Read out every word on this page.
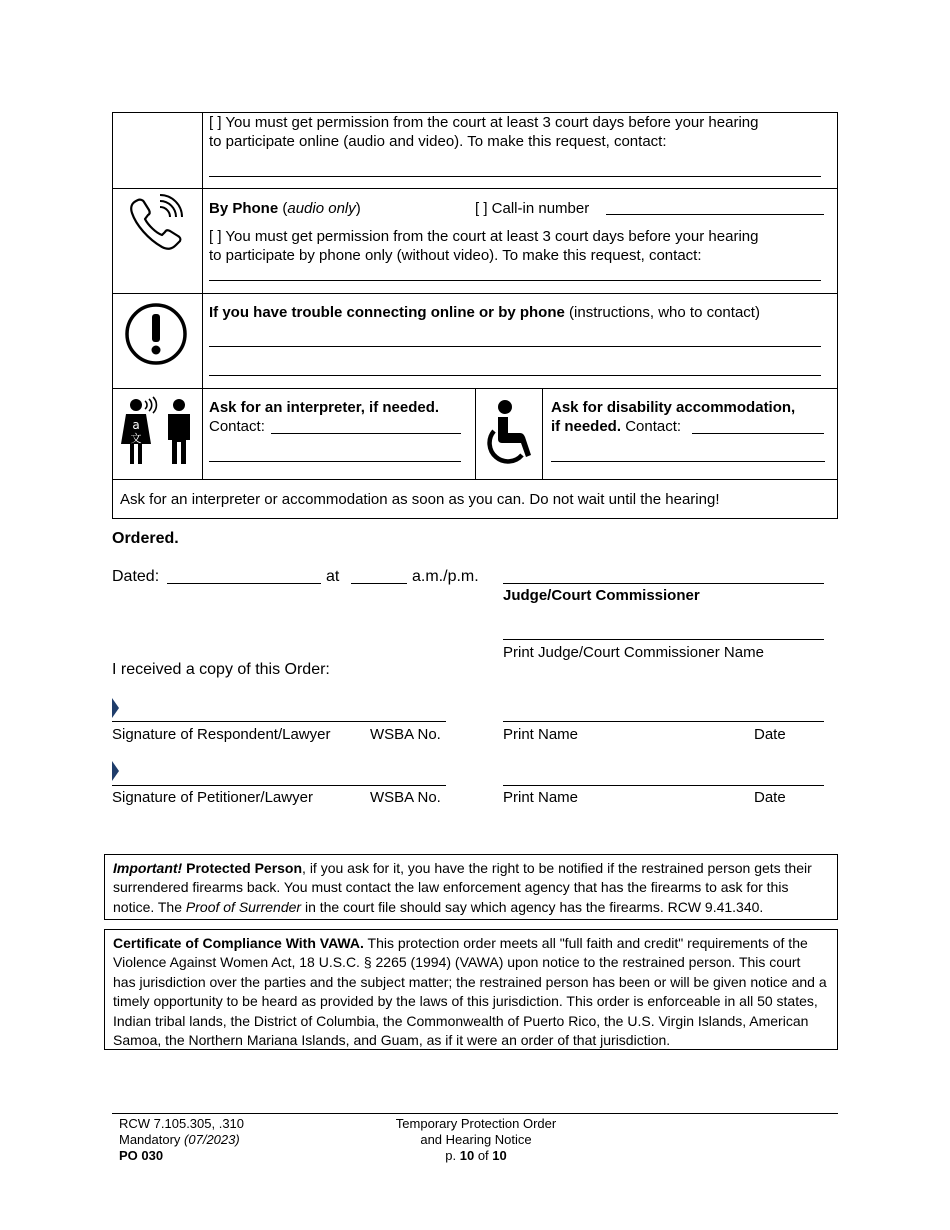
[ ] You must get permission from the court at least 3 court days before your hearing
to participate online (audio and video). To make this request, contact:
By Phone (audio only)	[ ] Call-in number
[ ] You must get permission from the court at least 3 court days before your hearing
to participate by phone only (without video). To make this request, contact:
If you have trouble connecting online or by phone (instructions, who to contact)
a
文
Ask for an interpreter, if needed.
Contact:
Ask for disability accommodation,
if needed. Contact:
Ask for an interpreter or accommodation as soon as you can. Do not wait until the hearing!
Ordered.
Dated:	at	a.m./p.m.
Judge/Court Commissioner
Print Judge/Court Commissioner Name
I received a copy of this Order:
Signature of Respondent/Lawyer	WSBA No.	Print Name	Date
Signature of Petitioner/Lawyer	WSBA No.	Print Name	Date

Important! Protected Person, if you ask for it, you have the right to be notified if the restrained person gets their

surrendered firearms back. You must contact the law enforcement agency that has the firearms to ask for this

notice. The Proof of Surrender in the court file should say which agency has the firearms. RCW 9.41.340.

Certificate of Compliance With VAWA. This protection order meets all "full faith and credit" requirements of the

Violence Against Women Act, 18 U.S.C. § 2265 (1994) (VAWA) upon notice to the restrained person. This court

has jurisdiction over the parties and the subject matter; the restrained person has been or will be given notice and a

timely opportunity to be heard as provided by the laws of this jurisdiction. This order is enforceable in all 50 states,

Indian tribal lands, the District of Columbia, the Commonwealth of Puerto Rico, the U.S. Virgin Islands, American

Samoa, the Northern Mariana Islands, and Guam, as if it were an order of that jurisdiction.

RCW 7.105.305, .310
Mandatory (07/2023)
PO 030
Temporary Protection Order
and Hearing Notice
p. 10 of 10
